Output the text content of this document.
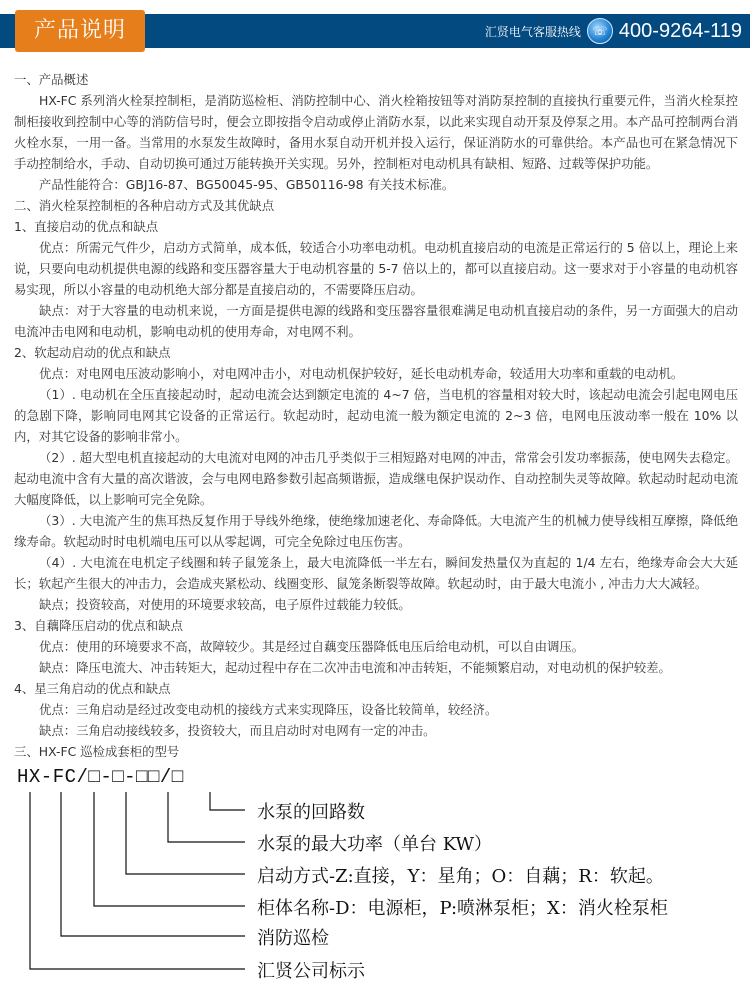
产品说明	汇贤电气客服热线 ☏ 400-9264-119

一、产品概述

HX-FC 系列消火栓泵控制柜，是消防巡检柜、消防控制中心、消火栓箱按钮等对消防泵控制的直接执行重要元件，当消火栓泵控制柜接收到控制中心等的消防信号时，便会立即按指令启动或停止消防水泵，以此来实现自动开泵及停泵之用。本产品可控制两台消火栓水泵，一用一备。当常用的水泵发生故障时，备用水泵自动开机并投入运行，保证消防水的可靠供给。本产品也可在紧急情况下手动控制给水，手动、自动切换可通过万能转换开关实现。另外，控制柜对电动机具有缺相、短路、过载等保护功能。

产品性能符合：GBJ16-87、BG50045-95、GB50116-98 有关技术标准。

二、消火栓泵控制柜的各种启动方式及其优缺点

1、直接启动的优点和缺点

优点：所需元气件少，启动方式简单，成本低，较适合小功率电动机。电动机直接启动的电流是正常运行的 5 倍以上，理论上来说，只要向电动机提供电源的线路和变压器容量大于电动机容量的 5-7 倍以上的，都可以直接启动。这一要求对于小容量的电动机容易实现，所以小容量的电动机绝大部分都是直接启动的，不需要降压启动。

缺点：对于大容量的电动机来说，一方面是提供电源的线路和变压器容量很难满足电动机直接启动的条件，另一方面强大的启动电流冲击电网和电动机，影响电动机的使用寿命，对电网不利。

2、软起动启动的优点和缺点

优点：对电网电压波动影响小，对电网冲击小，对电动机保护较好，延长电动机寿命，较适用大功率和重载的电动机。

（1）. 电动机在全压直接起动时，起动电流会达到额定电流的 4~7 倍，当电机的容量相对较大时，该起动电流会引起电网电压的急剧下降，影响同电网其它设备的正常运行。软起动时，起动电流一般为额定电流的 2~3 倍，电网电压波动率一般在 10% 以内，对其它设备的影响非常小。

（2）. 超大型电机直接起动的大电流对电网的冲击几乎类似于三相短路对电网的冲击，常常会引发功率振荡，使电网失去稳定。起动电流中含有大量的高次谐波，会与电网电路参数引起高频谐振，造成继电保护误动作、自动控制失灵等故障。软起动时起动电流大幅度降低，以上影响可完全免除。

（3）. 大电流产生的焦耳热反复作用于导线外绝缘，使绝缘加速老化、寿命降低。大电流产生的机械力使导线相互摩擦，降低绝缘寿命。软起动时时电机端电压可以从零起调，可完全免除过电压伤害。

（4）. 大电流在电机定子线圈和转子鼠笼条上，最大电流降低一半左右，瞬间发热量仅为直起的 1/4 左右，绝缘寿命会大大延长；软起产生很大的冲击力，会造成夹紧松动、线圈变形、鼠笼条断裂等故障。软起动时，由于最大电流小 , 冲击力大大减轻。

缺点；投资较高，对使用的环境要求较高，电子原件过载能力较低。

3、自藕降压启动的优点和缺点

优点：使用的环境要求不高，故障较少。其是经过自藕变压器降低电压后给电动机，可以自由调压。

缺点：降压电流大、冲击转矩大，起动过程中存在二次冲击电流和冲击转矩，不能频繁启动，对电动机的保护较差。

4、星三角启动的优点和缺点

优点：三角启动是经过改变电动机的接线方式来实现降压，设备比较简单，较经济。

缺点：三角启动接线较多，投资较大，而且启动时对电网有一定的冲击。

三、HX-FC 巡检成套柜的型号

HX-FC/□-□-□□/□
水泵的回路数
水泵的最大功率（单台 KW）
启动方式-Z:直接，Y：星角；O：自藕；R：软起。
柜体名称-D：电源柜，P:喷淋泵柜；X：消火栓泵柜
消防巡检
汇贤公司标示
